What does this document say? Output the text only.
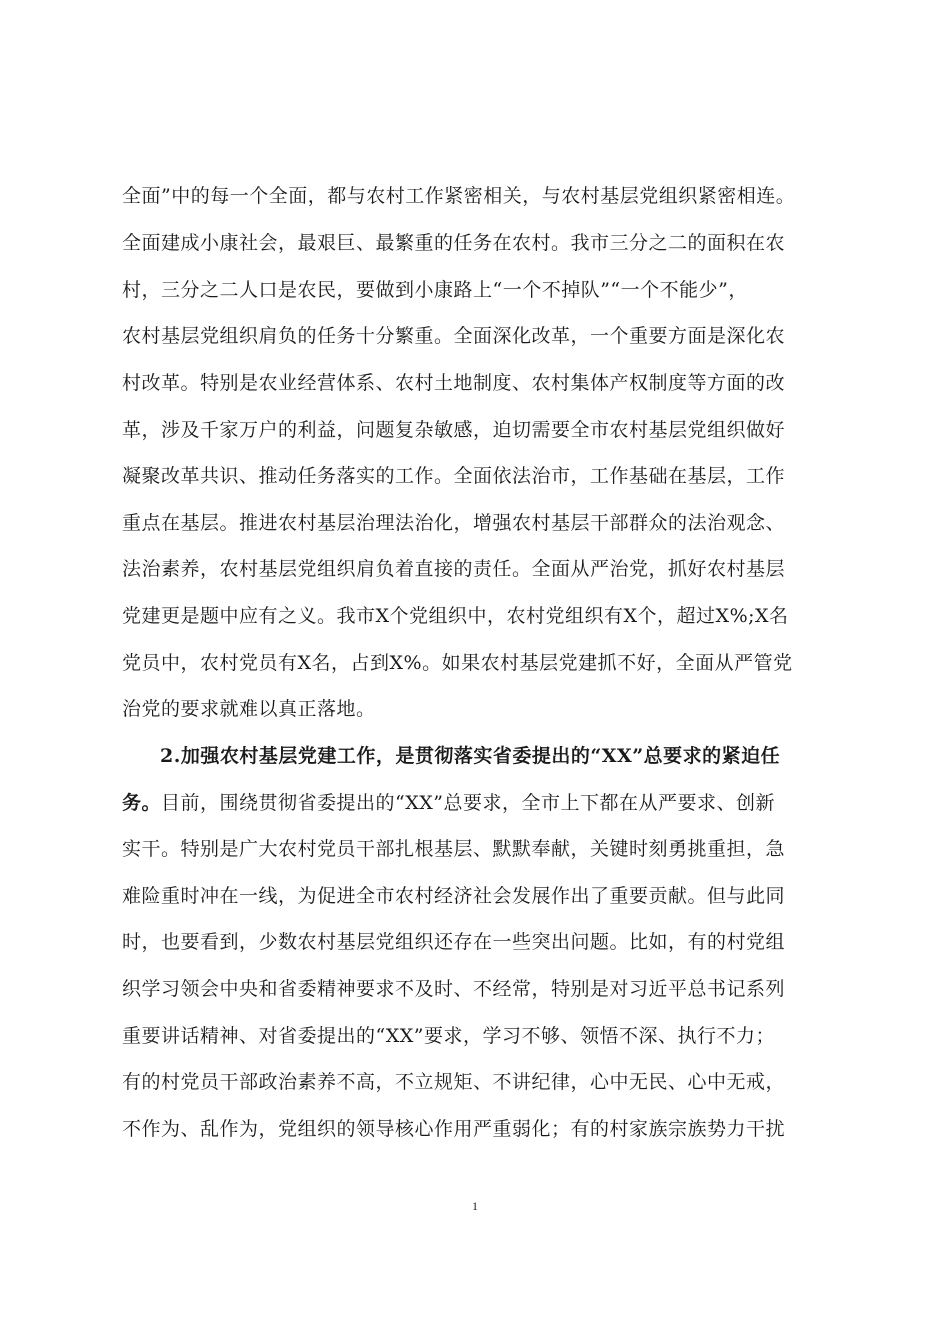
全面”中的每一个全面，都与农村工作紧密相关，与农村基层党组织紧密相连。
全面建成小康社会，最艰巨、最繁重的任务在农村。我市三分之二的面积在农
村，三分之二人口是农民，要做到小康路上“一个不掉队”“一个不能少”，
农村基层党组织肩负的任务十分繁重。全面深化改革，一个重要方面是深化农
村改革。特别是农业经营体系、农村土地制度、农村集体产权制度等方面的改
革，涉及千家万户的利益，问题复杂敏感，迫切需要全市农村基层党组织做好
凝聚改革共识、推动任务落实的工作。全面依法治市，工作基础在基层，工作
重点在基层。推进农村基层治理法治化，增强农村基层干部群众的法治观念、
法治素养，农村基层党组织肩负着直接的责任。全面从严治党，抓好农村基层
党建更是题中应有之义。我市X个党组织中，农村党组织有X个，超过X%;X名
党员中，农村党员有X名，占到X%。如果农村基层党建抓不好，全面从严管党
治党的要求就难以真正落地。
2.加强农村基层党建工作，是贯彻落实省委提出的“XX”总要求的紧迫任
务。目前，围绕贯彻省委提出的“XX”总要求，全市上下都在从严要求、创新
实干。特别是广大农村党员干部扎根基层、默默奉献，关键时刻勇挑重担，急
难险重时冲在一线，为促进全市农村经济社会发展作出了重要贡献。但与此同
时，也要看到，少数农村基层党组织还存在一些突出问题。比如，有的村党组
织学习领会中央和省委精神要求不及时、不经常，特别是对习近平总书记系列
重要讲话精神、对省委提出的“XX”要求，学习不够、领悟不深、执行不力；
有的村党员干部政治素养不高，不立规矩、不讲纪律，心中无民、心中无戒，
不作为、乱作为，党组织的领导核心作用严重弱化；有的村家族宗族势力干扰
1
